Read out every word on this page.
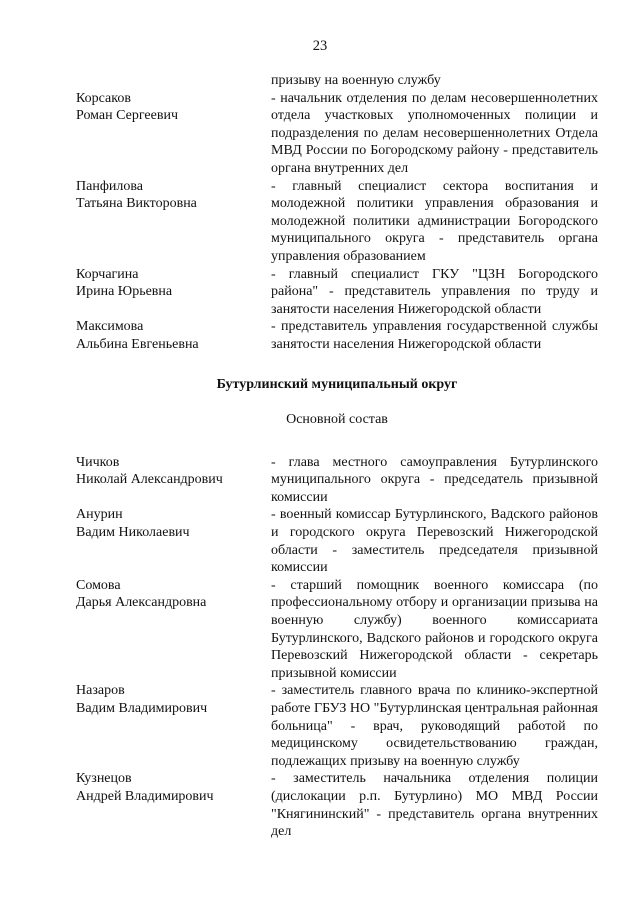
23
призыву на военную службу
Корсаков
Роман Сергеевич
- начальник отделения по делам несовершеннолетних отдела участковых уполномоченных полиции и подразделения по делам несовершеннолетних Отдела МВД России по Богородскому району - представитель органа внутренних дел
Панфилова
Татьяна Викторовна
- главный специалист сектора воспитания и молодежной политики управления образования и молодежной политики администрации Богородского муниципального округа - представитель органа управления образованием
Корчагина
Ирина Юрьевна
- главный специалист ГКУ "ЦЗН Богородского района" - представитель управления по труду и занятости населения Нижегородской области
Максимова
Альбина Евгеньевна
- представитель управления государственной службы занятости населения Нижегородской области
Бутурлинский муниципальный округ
Основной состав
Чичков
Николай Александрович
- глава местного самоуправления Бутурлинского муниципального округа - председатель призывной комиссии
Анурин
Вадим Николаевич
- военный комиссар Бутурлинского, Вадского районов и городского округа Перевозский Нижегородской области - заместитель председателя призывной комиссии
Сомова
Дарья Александровна
- старший помощник военного комиссара (по профессиональному отбору и организации призыва на военную службу) военного комиссариата Бутурлинского, Вадского районов и городского округа Перевозский Нижегородской области - секретарь призывной комиссии
Назаров
Вадим Владимирович
- заместитель главного врача по клинико-экспертной работе ГБУЗ НО "Бутурлинская центральная районная больница" - врач, руководящий работой по медицинскому освидетельствованию граждан, подлежащих призыву на военную службу
Кузнецов
Андрей Владимирович
- заместитель начальника отделения полиции (дислокации р.п. Бутурлино) МО МВД России "Княгининский" - представитель органа внутренних дел
